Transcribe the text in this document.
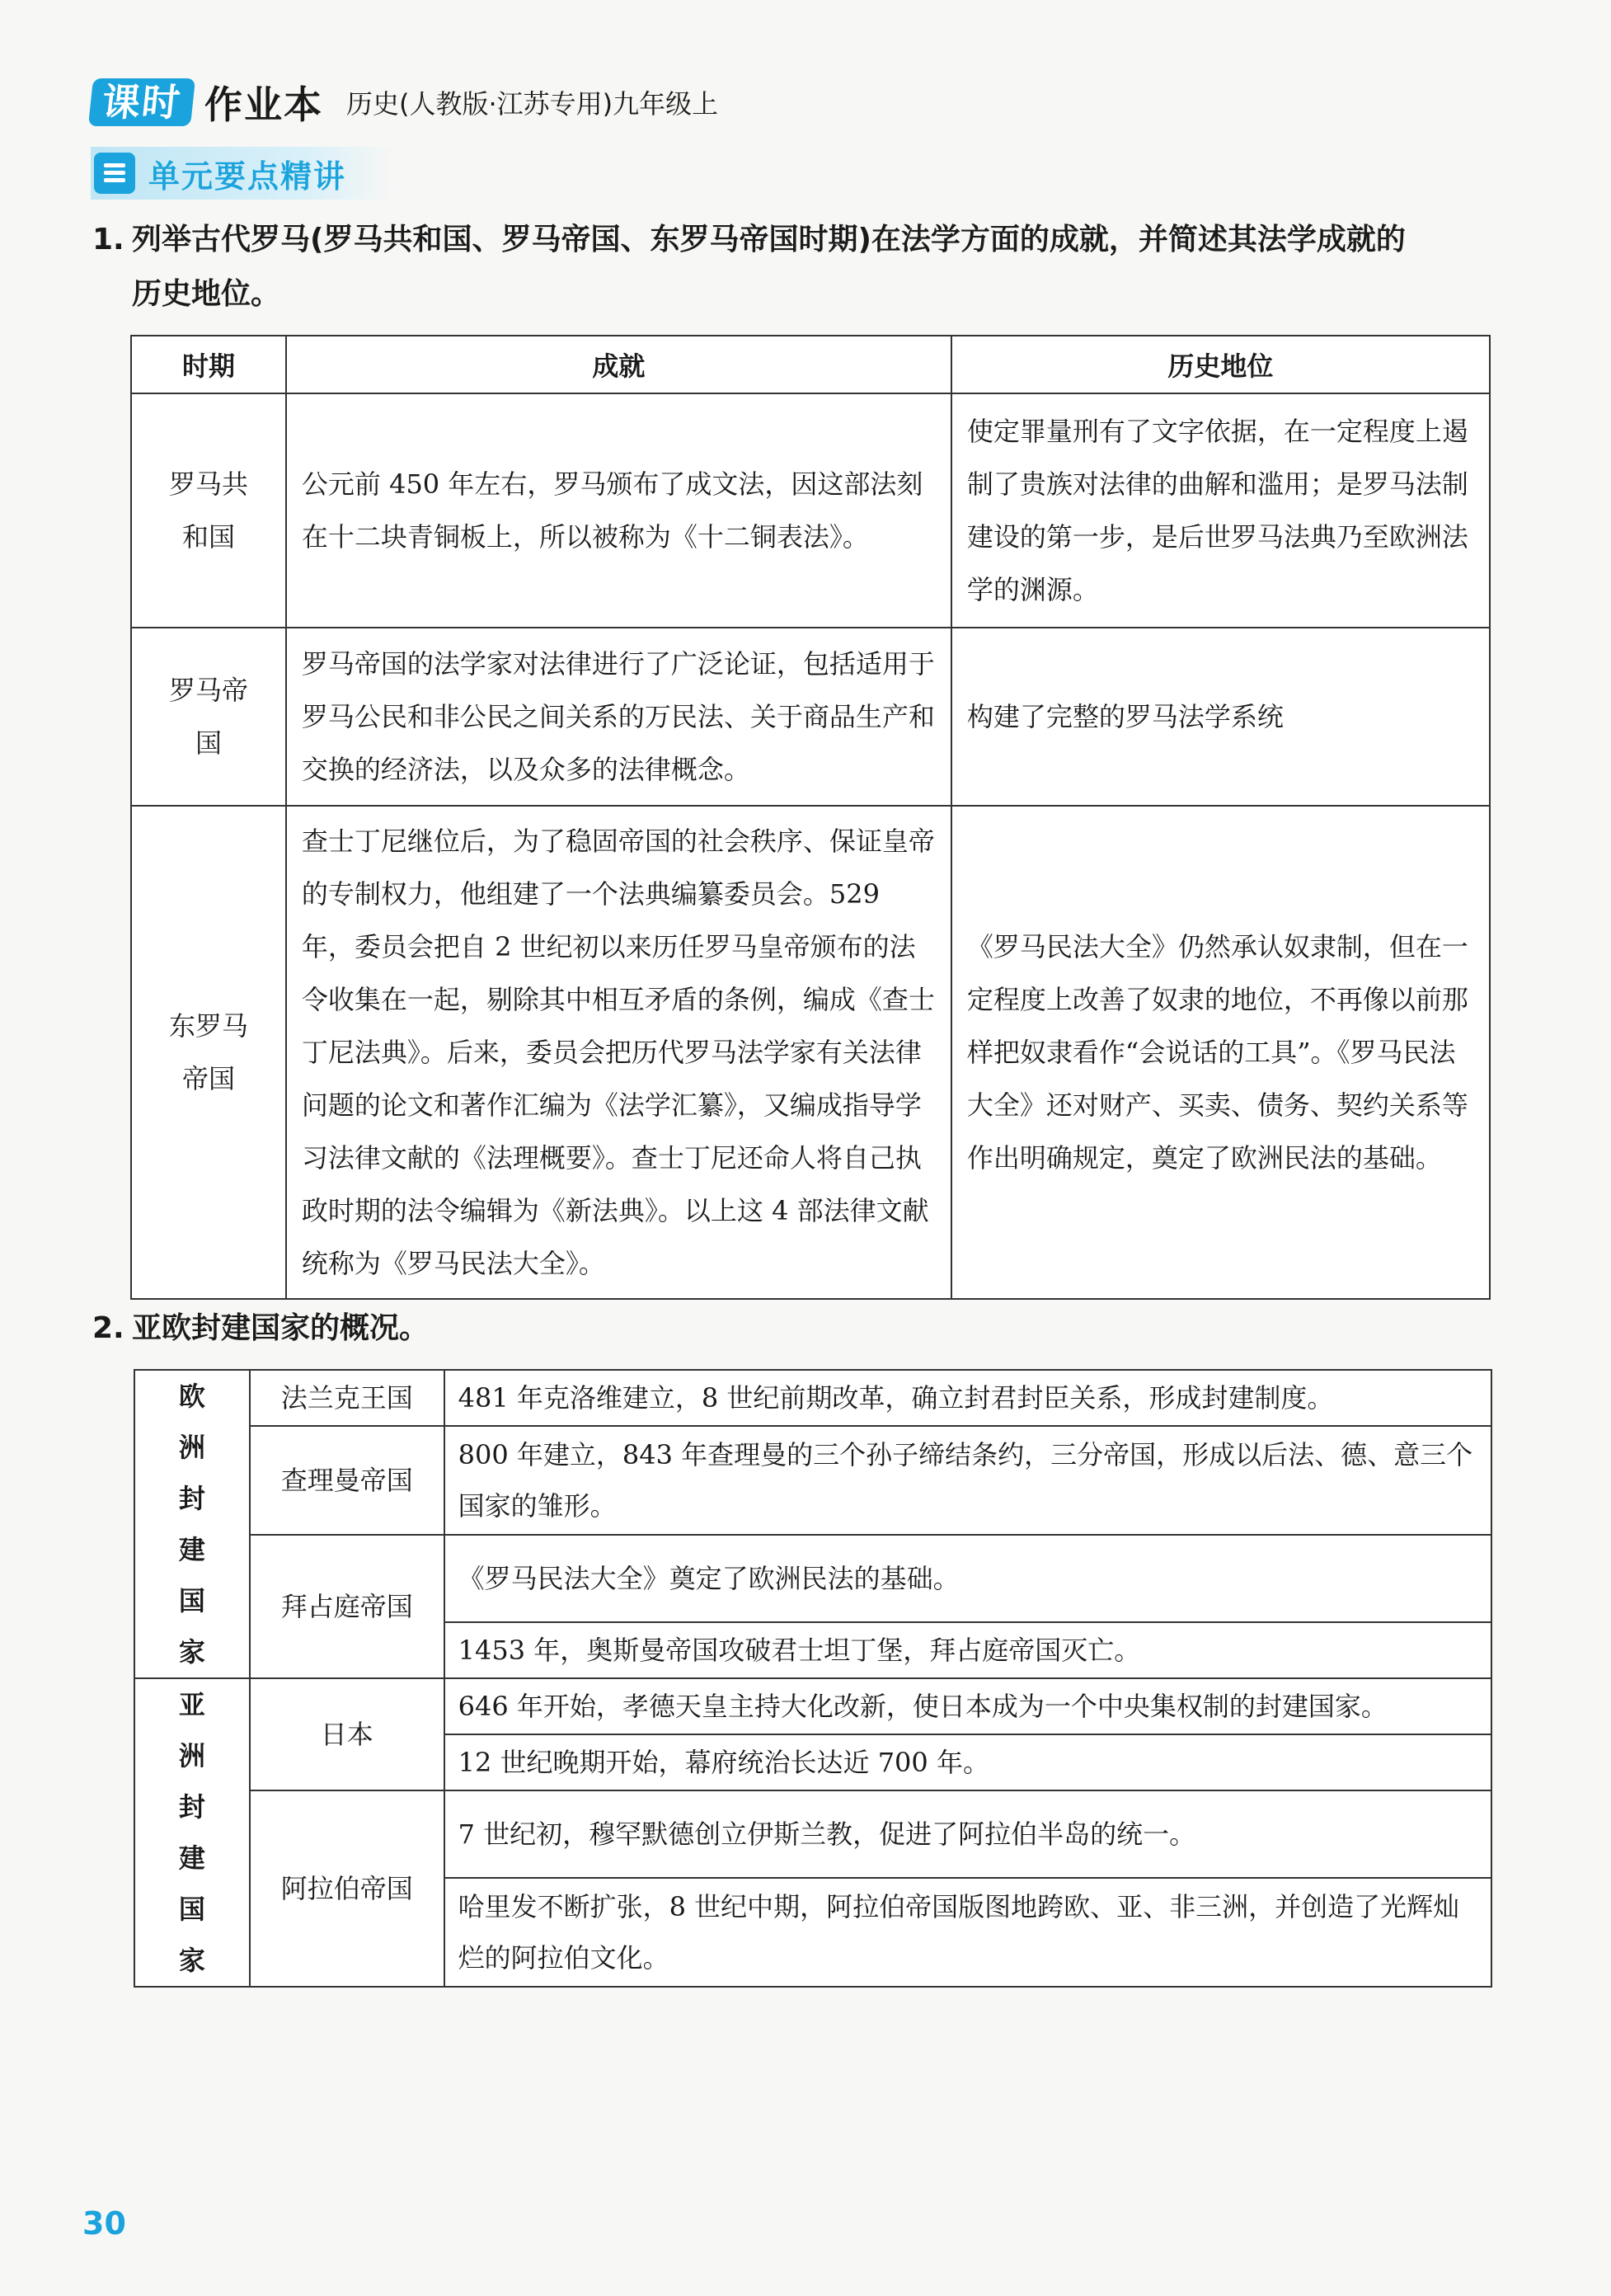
课时 作业本 历史(人教版·江苏专用)九年级上
单元要点精讲
1. 列举古代罗马(罗马共和国、罗马帝国、东罗马帝国时期)在法学方面的成就，并简述其法学成就的
历史地位。
时期	成就	历史地位
罗马共和国	公元前 450 年左右，罗马颁布了成文法，因这部法刻在十二块青铜板上，所以被称为《十二铜表法》。	使定罪量刑有了文字依据，在一定程度上遏制了贵族对法律的曲解和滥用；是罗马法制建设的第一步，是后世罗马法典乃至欧洲法学的渊源。
罗马帝国	罗马帝国的法学家对法律进行了广泛论证，包括适用于罗马公民和非公民之间关系的万民法、关于商品生产和交换的经济法，以及众多的法律概念。	构建了完整的罗马法学系统
东罗马帝国	查士丁尼继位后，为了稳固帝国的社会秩序、保证皇帝的专制权力，他组建了一个法典编纂委员会。529 年，委员会把自 2 世纪初以来历任罗马皇帝颁布的法令收集在一起，剔除其中相互矛盾的条例，编成《查士丁尼法典》。后来，委员会把历代罗马法学家有关法律问题的论文和著作汇编为《法学汇纂》，又编成指导学习法律文献的《法理概要》。查士丁尼还命人将自己执政时期的法令编辑为《新法典》。以上这 4 部法律文献统称为《罗马民法大全》。	《罗马民法大全》仍然承认奴隶制，但在一定程度上改善了奴隶的地位，不再像以前那样把奴隶看作“会说话的工具”。《罗马民法大全》还对财产、买卖、债务、契约关系等作出明确规定，奠定了欧洲民法的基础。
2. 亚欧封建国家的概况。
欧洲封建国家	法兰克王国	481 年克洛维建立，8 世纪前期改革，确立封君封臣关系，形成封建制度。
	查理曼帝国	800 年建立，843 年查理曼的三个孙子缔结条约，三分帝国，形成以后法、德、意三个国家的雏形。
	拜占庭帝国	《罗马民法大全》奠定了欧洲民法的基础。
		1453 年，奥斯曼帝国攻破君士坦丁堡，拜占庭帝国灭亡。
亚洲封建国家	日本	646 年开始，孝德天皇主持大化改新，使日本成为一个中央集权制的封建国家。
		12 世纪晚期开始，幕府统治长达近 700 年。
	阿拉伯帝国	7 世纪初，穆罕默德创立伊斯兰教，促进了阿拉伯半岛的统一。
		哈里发不断扩张，8 世纪中期，阿拉伯帝国版图地跨欧、亚、非三洲，并创造了光辉灿烂的阿拉伯文化。
30
